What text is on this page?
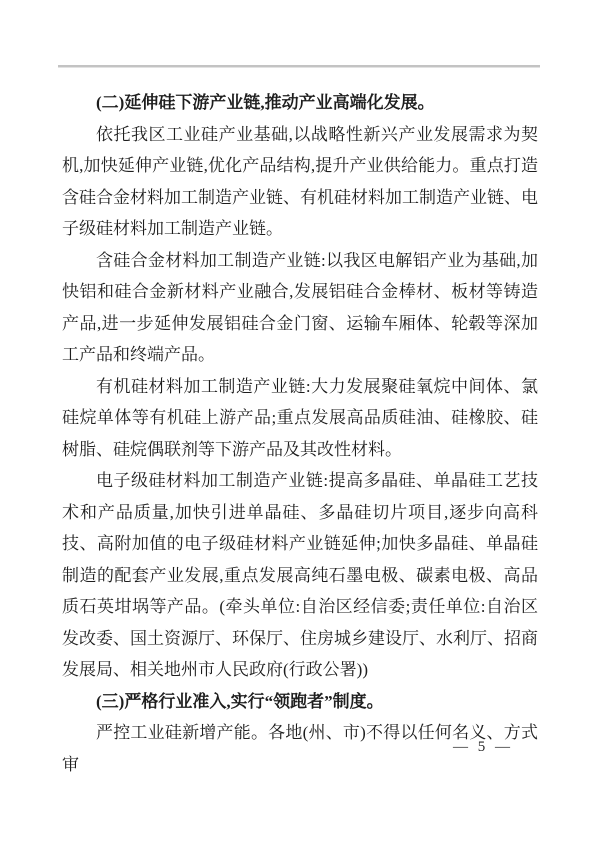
(二)延伸硅下游产业链,推动产业高端化发展。

依托我区工业硅产业基础,以战略性新兴产业发展需求为契机,加快延伸产业链,优化产品结构,提升产业供给能力。重点打造含硅合金材料加工制造产业链、有机硅材料加工制造产业链、电子级硅材料加工制造产业链。

含硅合金材料加工制造产业链:以我区电解铝产业为基础,加快铝和硅合金新材料产业融合,发展铝硅合金棒材、板材等铸造产品,进一步延伸发展铝硅合金门窗、运输车厢体、轮毂等深加工产品和终端产品。

有机硅材料加工制造产业链:大力发展聚硅氧烷中间体、氯硅烷单体等有机硅上游产品;重点发展高品质硅油、硅橡胶、硅树脂、硅烷偶联剂等下游产品及其改性材料。

电子级硅材料加工制造产业链:提高多晶硅、单晶硅工艺技术和产品质量,加快引进单晶硅、多晶硅切片项目,逐步向高科技、高附加值的电子级硅材料产业链延伸;加快多晶硅、单晶硅制造的配套产业发展,重点发展高纯石墨电极、碳素电极、高品质石英坩埚等产品。(牵头单位:自治区经信委;责任单位:自治区发改委、国土资源厅、环保厅、住房城乡建设厅、水利厅、招商发展局、相关地州市人民政府(行政公署))

(三)严格行业准入,实行“领跑者”制度。

严控工业硅新增产能。各地(州、市)不得以任何名义、方式审

— 5 —
